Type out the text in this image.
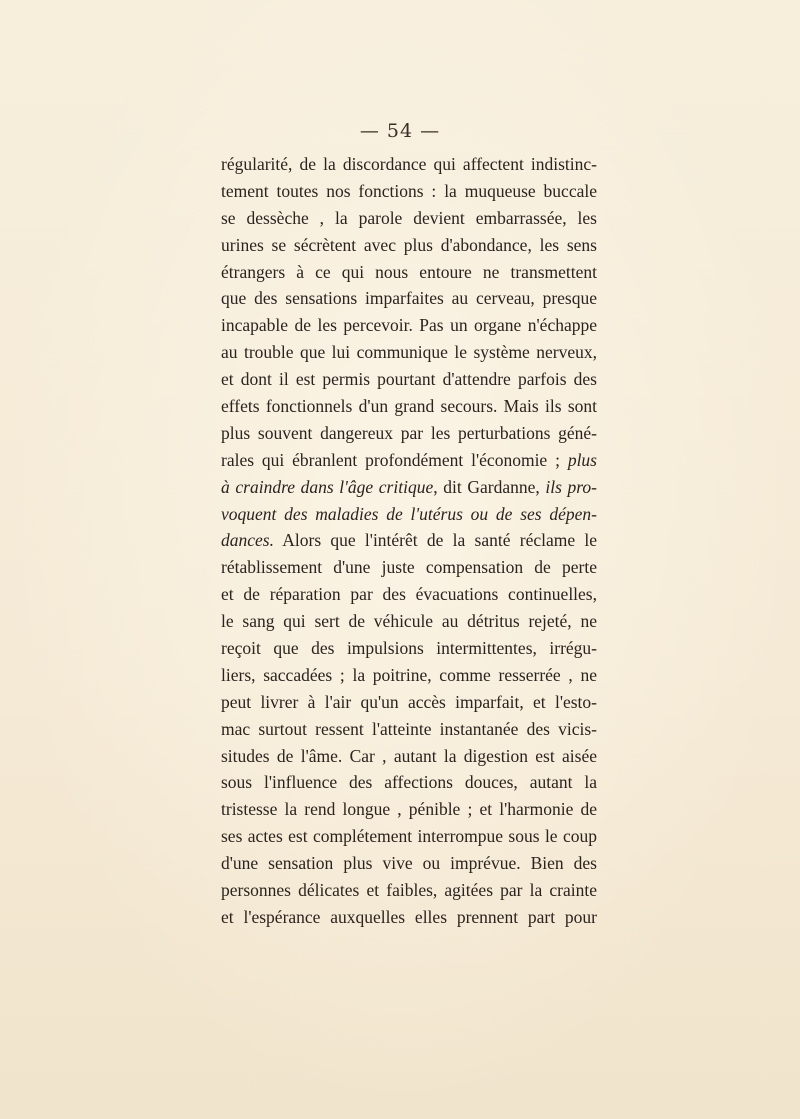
— 54 —
régularité, de la discordance qui affectent indistinc-
tement toutes nos fonctions : la muqueuse buccale
se dessèche , la parole devient embarrassée, les
urines se sécrètent avec plus d'abondance, les sens
étrangers à ce qui nous entoure ne transmettent
que des sensations imparfaites au cerveau, presque
incapable de les percevoir. Pas un organe n'échappe
au trouble que lui communique le système nerveux,
et dont il est permis pourtant d'attendre parfois des
effets fonctionnels d'un grand secours. Mais ils sont
plus souvent dangereux par les perturbations géné-
rales qui ébranlent profondément l'économie ; plus
à craindre dans l'âge critique, dit Gardanne, ils pro-
voquent des maladies de l'utérus ou de ses dépen-
dances. Alors que l'intérêt de la santé réclame le
rétablissement d'une juste compensation de perte
et de réparation par des évacuations continuelles,
le sang qui sert de véhicule au détritus rejeté, ne
reçoit que des impulsions intermittentes, irrégu-
liers, saccadées ; la poitrine, comme resserrée , ne
peut livrer à l'air qu'un accès imparfait, et l'esto-
mac surtout ressent l'atteinte instantanée des vicis-
situdes de l'âme. Car , autant la digestion est aisée
sous l'influence des affections douces, autant la
tristesse la rend longue , pénible ; et l'harmonie de
ses actes est complétement interrompue sous le coup
d'une sensation plus vive ou imprévue. Bien des
personnes délicates et faibles, agitées par la crainte
et l'espérance auxquelles elles prennent part pour
